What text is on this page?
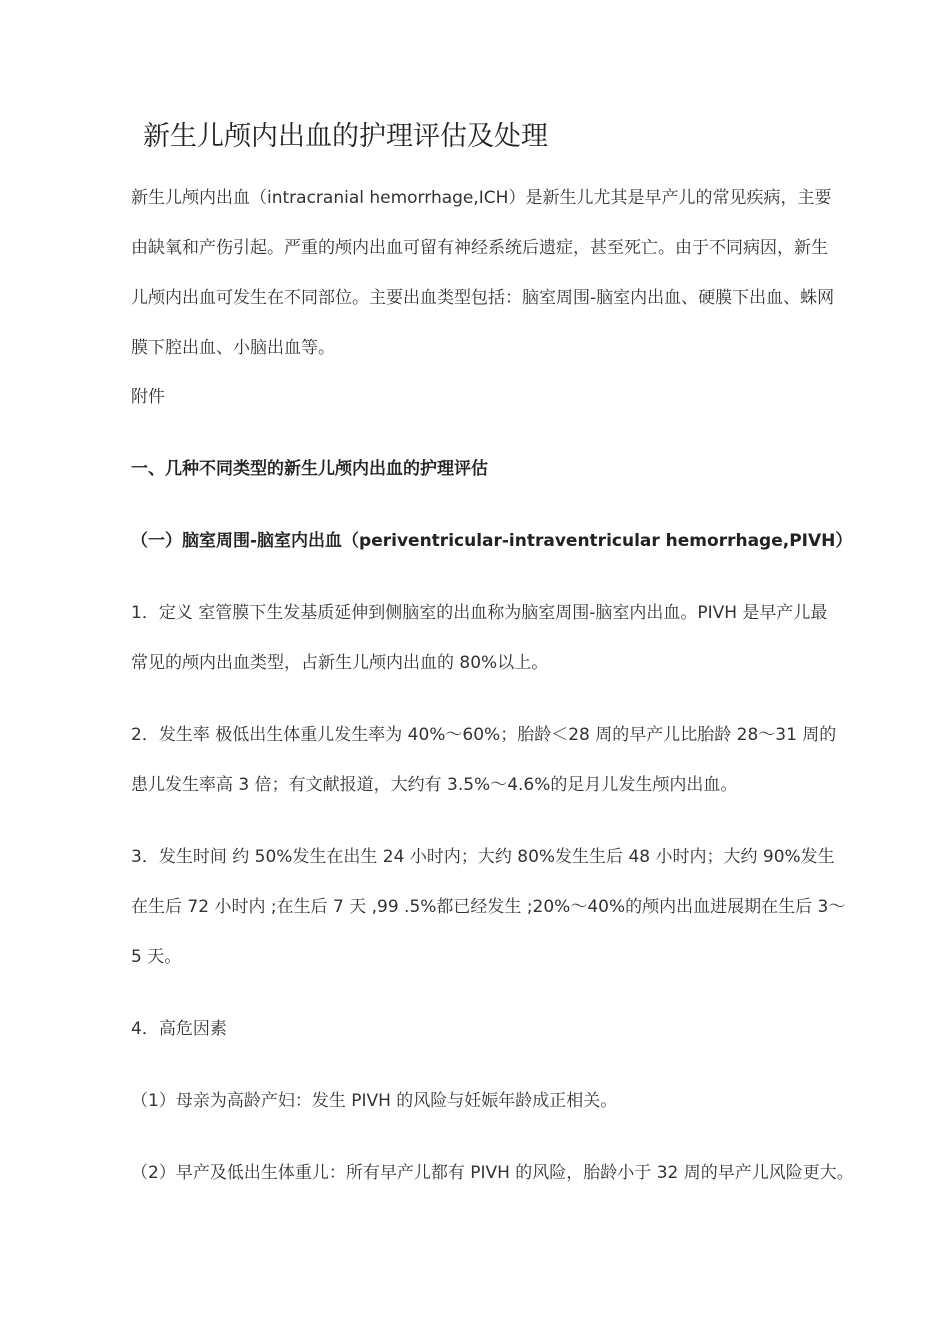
新生儿颅内出血的护理评估及处理
新生儿颅内出血（intracranial hemorrhage,ICH）是新生儿尤其是早产儿的常见疾病，主要
由缺氧和产伤引起。严重的颅内出血可留有神经系统后遗症，甚至死亡。由于不同病因，新生
儿颅内出血可发生在不同部位。主要出血类型包括：脑室周围-脑室内出血、硬膜下出血、蛛网
膜下腔出血、小脑出血等。
附件
一、几种不同类型的新生儿颅内出血的护理评估
（一）脑室周围-脑室内出血（periventricular-intraventricular hemorrhage,PIVH）
1．定义 室管膜下生发基质延伸到侧脑室的出血称为脑室周围-脑室内出血。PIVH 是早产儿最
常见的颅内出血类型，占新生儿颅内出血的 80%以上。
2．发生率 极低出生体重儿发生率为 40%～60%；胎龄＜28 周的早产儿比胎龄 28～31 周的
患儿发生率高 3 倍；有文献报道，大约有 3.5%～4.6%的足月儿发生颅内出血。
3．发生时间 约 50%发生在出生 24 小时内；大约 80%发生生后 48 小时内；大约 90%发生
在生后 72 小时内 ;在生后 7 天 ,99 .5%都已经发生 ;20%～40%的颅内出血进展期在生后 3～
5 天。
4．高危因素
（1）母亲为高龄产妇：发生 PIVH 的风险与妊娠年龄成正相关。
（2）早产及低出生体重儿：所有早产儿都有 PIVH 的风险，胎龄小于 32 周的早产儿风险更大。
